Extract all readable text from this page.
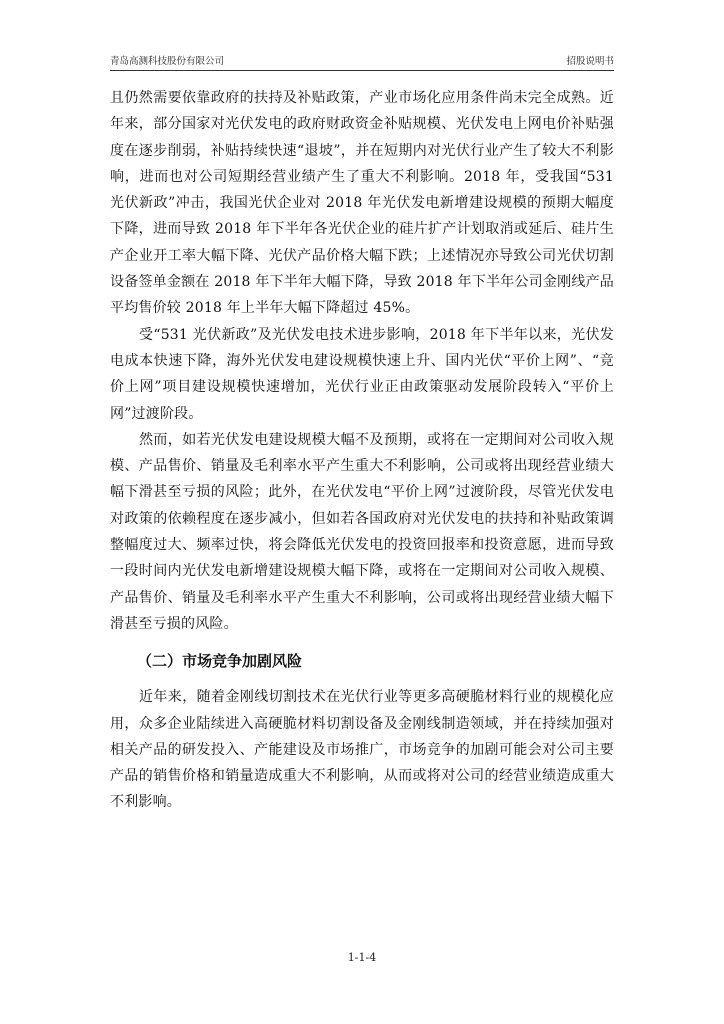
青岛高测科技股份有限公司	招股说明书

且仍然需要依靠政府的扶持及补贴政策，产业市场化应用条件尚未完全成熟。近年来，部分国家对光伏发电的政府财政资金补贴规模、光伏发电上网电价补贴强度在逐步削弱，补贴持续快速“退坡”，并在短期内对光伏行业产生了较大不利影响，进而也对公司短期经营业绩产生了重大不利影响。2018 年，受我国“531 光伏新政”冲击，我国光伏企业对 2018 年光伏发电新增建设规模的预期大幅度下降，进而导致 2018 年下半年各光伏企业的硅片扩产计划取消或延后、硅片生产企业开工率大幅下降、光伏产品价格大幅下跌；上述情况亦导致公司光伏切割设备签单金额在 2018 年下半年大幅下降，导致 2018 年下半年公司金刚线产品平均售价较 2018 年上半年大幅下降超过 45%。

受“531 光伏新政”及光伏发电技术进步影响，2018 年下半年以来，光伏发电成本快速下降，海外光伏发电建设规模快速上升、国内光伏“平价上网”、“竞价上网”项目建设规模快速增加，光伏行业正由政策驱动发展阶段转入“平价上网”过渡阶段。

然而，如若光伏发电建设规模大幅不及预期，或将在一定期间对公司收入规模、产品售价、销量及毛利率水平产生重大不利影响，公司或将出现经营业绩大幅下滑甚至亏损的风险；此外，在光伏发电“平价上网”过渡阶段，尽管光伏发电对政策的依赖程度在逐步减小，但如若各国政府对光伏发电的扶持和补贴政策调整幅度过大、频率过快，将会降低光伏发电的投资回报率和投资意愿，进而导致一段时间内光伏发电新增建设规模大幅下降，或将在一定期间对公司收入规模、产品售价、销量及毛利率水平产生重大不利影响，公司或将出现经营业绩大幅下滑甚至亏损的风险。

（二）市场竞争加剧风险

近年来，随着金刚线切割技术在光伏行业等更多高硬脆材料行业的规模化应用，众多企业陆续进入高硬脆材料切割设备及金刚线制造领域，并在持续加强对相关产品的研发投入、产能建设及市场推广，市场竞争的加剧可能会对公司主要产品的销售价格和销量造成重大不利影响，从而或将对公司的经营业绩造成重大不利影响。

1-1-4
